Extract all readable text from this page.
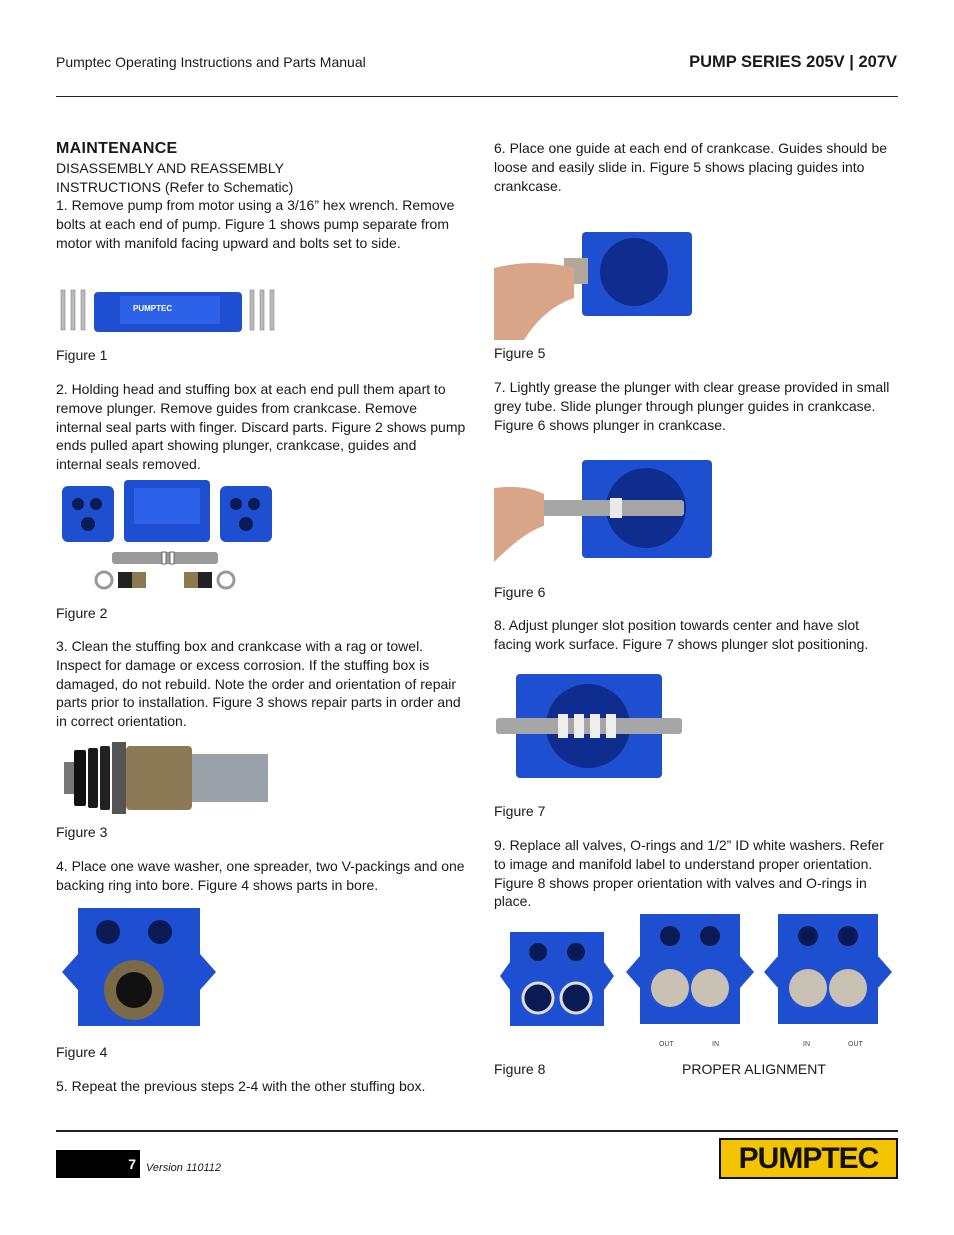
Pumptec Operating Instructions and Parts Manual	PUMP SERIES 205V | 207V
MAINTENANCE

DISASSEMBLY AND REASSEMBLY

INSTRUCTIONS (Refer to Schematic)

1. Remove pump from motor using a 3/16” hex wrench. Remove bolts at each end of pump. Figure 1 shows pump separate from motor with manifold facing upward and bolts set to side.

PUMPTEC
Figure 1

2. Holding head and stuffing box at each end pull them apart to remove plunger. Remove guides from crankcase. Remove internal seal parts with finger. Discard parts. Figure 2 shows pump ends pulled apart showing plunger, crankcase, guides and internal seals removed.

Figure 2

3. Clean the stuffing box and crankcase with a rag or towel. Inspect for damage or excess corrosion. If the stuffing box is damaged, do not rebuild. Note the order and orientation of repair parts prior to installation. Figure 3 shows repair parts in order and in correct orientation.

Figure 3

4. Place one wave washer, one spreader, two V-packings and one backing ring into bore. Figure 4 shows parts in bore.

Figure 4

5. Repeat the previous steps 2-4 with the other stuffing box.

6. Place one guide at each end of crankcase. Guides should be loose and easily slide in. Figure 5 shows placing guides into crankcase.

Figure 5

7. Lightly grease the plunger with clear grease provided in small grey tube. Slide plunger through plunger guides in crankcase. Figure 6 shows plunger in crankcase.

Figure 6

8. Adjust plunger slot position towards center and have slot facing work surface. Figure 7 shows plunger slot positioning.

Figure 7

9. Replace all valves, O-rings and 1/2” ID white washers. Refer to image and manifold label to understand proper orientation. Figure 8 shows proper orientation with valves and O-rings in place.

OUT	IN	IN	OUT
Figure 8	PROPER ALIGNMENT
7 Version 110112	PUMPTEC
